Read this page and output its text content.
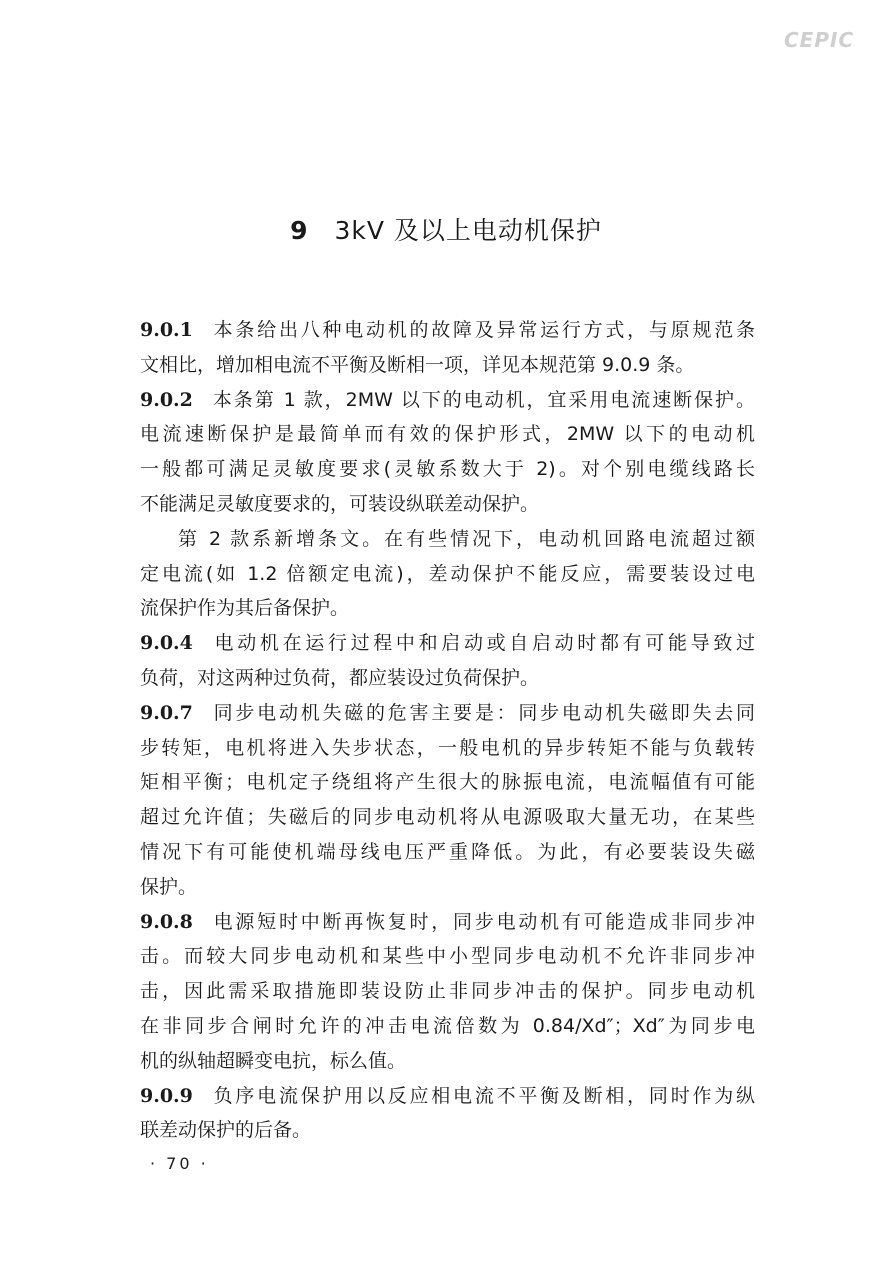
CEPIC
9 3kV 及以上电动机保护
9.0.1 本条给出八种电动机的故障及异常运行方式，与原规范条
文相比，增加相电流不平衡及断相一项，详见本规范第 9.0.9 条。
9.0.2 本条第 1 款，2MW 以下的电动机，宜采用电流速断保护。
电流速断保护是最简单而有效的保护形式，2MW 以下的电动机
一般都可满足灵敏度要求(灵敏系数大于 2)。对个别电缆线路长
不能满足灵敏度要求的，可装设纵联差动保护。
第 2 款系新增条文。在有些情况下，电动机回路电流超过额
定电流(如 1.2 倍额定电流)，差动保护不能反应，需要装设过电
流保护作为其后备保护。
9.0.4 电动机在运行过程中和启动或自启动时都有可能导致过
负荷，对这两种过负荷，都应装设过负荷保护。
9.0.7 同步电动机失磁的危害主要是：同步电动机失磁即失去同
步转矩，电机将进入失步状态，一般电机的异步转矩不能与负载转
矩相平衡；电机定子绕组将产生很大的脉振电流，电流幅值有可能
超过允许值；失磁后的同步电动机将从电源吸取大量无功，在某些
情况下有可能使机端母线电压严重降低。为此，有必要装设失磁
保护。
9.0.8 电源短时中断再恢复时，同步电动机有可能造成非同步冲
击。而较大同步电动机和某些中小型同步电动机不允许非同步冲
击，因此需采取措施即装设防止非同步冲击的保护。同步电动机
在非同步合闸时允许的冲击电流倍数为 0.84/Xd″；Xd″为同步电
机的纵轴超瞬变电抗，标么值。
9.0.9 负序电流保护用以反应相电流不平衡及断相，同时作为纵
联差动保护的后备。
· 70 ·
